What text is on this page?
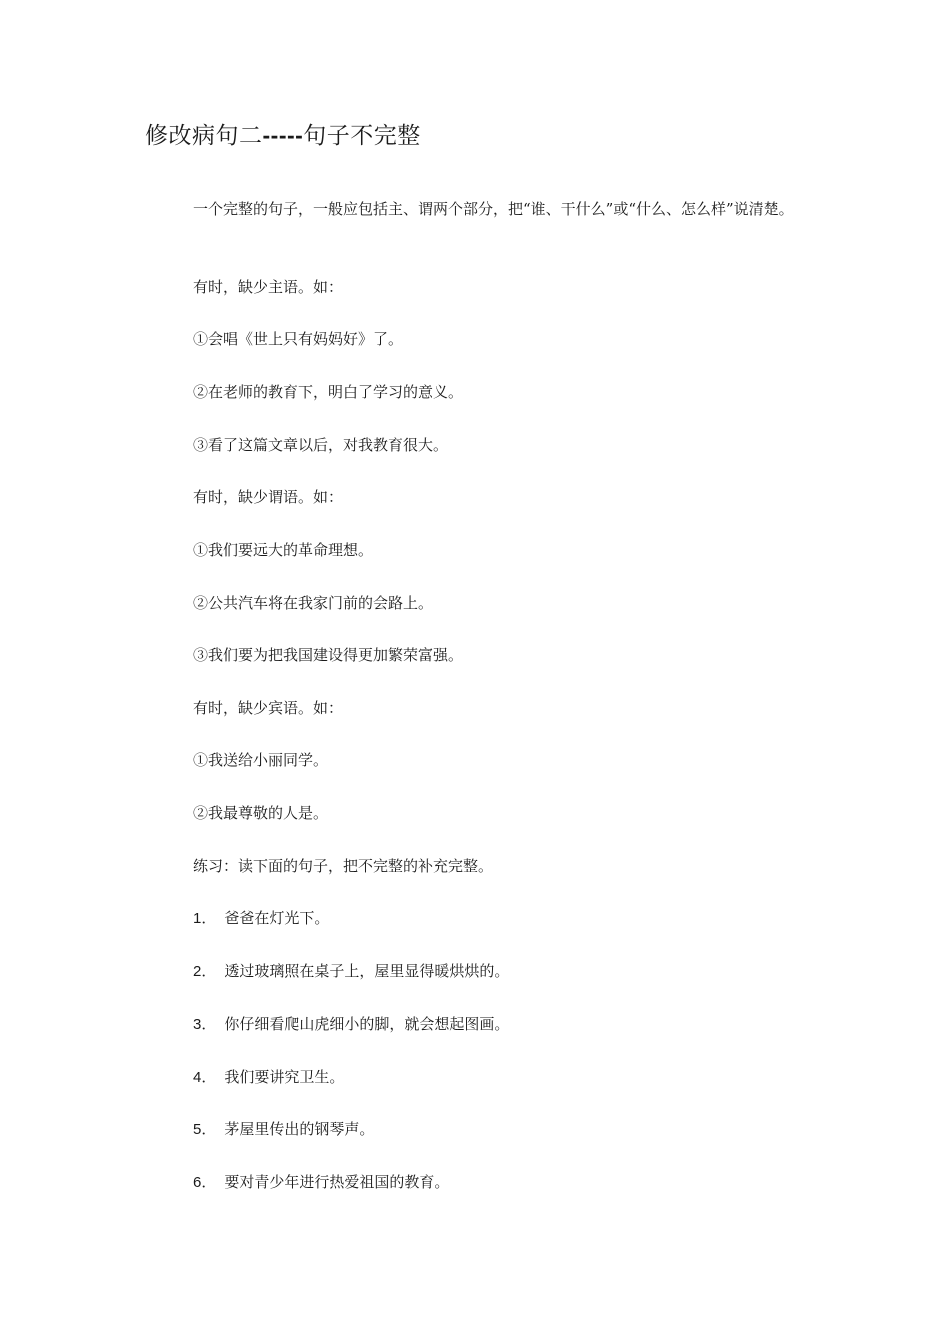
修改病句二-----句子不完整

一个完整的句子，一般应包括主、谓两个部分，把“谁、干什么”或“什么、怎么样”说清楚。

有时，缺少主语。如：

①会唱《世上只有妈妈好》了。

②在老师的教育下，明白了学习的意义。

③看了这篇文章以后，对我教育很大。

有时，缺少谓语。如：

①我们要远大的革命理想。

②公共汽车将在我家门前的会路上。

③我们要为把我国建设得更加繁荣富强。

有时，缺少宾语。如：

①我送给小丽同学。

②我最尊敬的人是。

练习：读下面的句子，把不完整的补充完整。

1． 爸爸在灯光下。

2． 透过玻璃照在桌子上，屋里显得暖烘烘的。

3． 你仔细看爬山虎细小的脚，就会想起图画。

4． 我们要讲究卫生。

5． 茅屋里传出的钢琴声。

6． 要对青少年进行热爱祖国的教育。
